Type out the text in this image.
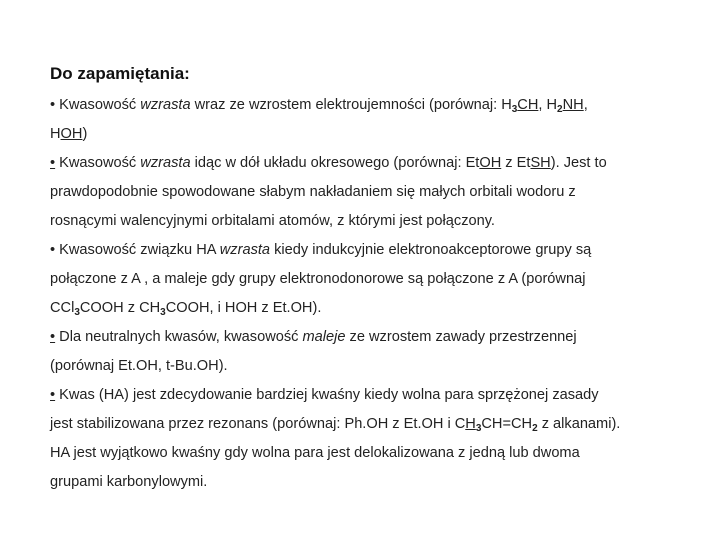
Do zapamiętania:
• Kwasowość wzrasta wraz ze wzrostem elektroujemności (porównaj: $H_3CH$, $H_2NH$,
HOH)
• Kwasowość wzrasta idąc w dół układu okresowego (porównaj: EtOH z EtSH). Jest to
prawdopodobnie spowodowane słabym nakładaniem się małych orbitali wodoru z
rosnącymi walencyjnymi orbitalami atomów, z którymi jest połączony.
• Kwasowość związku HA wzrasta kiedy indukcyjnie elektronoakceptorowe grupy są
połączone z A , a maleje gdy grupy elektronodonorowe są połączone z A (porównaj
CCl$_3$COOH z $CH_3COOH$, i HOH z Et.OH).
• Dla neutralnych kwasów, kwasowość maleje ze wzrostem zawady przestrzennej
(porównaj Et.OH, t-Bu.OH).
• Kwas (HA) jest zdecydowanie bardziej kwaśny kiedy wolna para sprzężonej zasady
jest stabilizowana przez rezonans (porównaj: Ph.OH z Et.OH i $CH_3CH=CH_2$ z alkanami).
HA jest wyjątkowo kwaśny gdy wolna para jest delokalizowana z jedną lub dwoma
grupami karbonylowymi.
